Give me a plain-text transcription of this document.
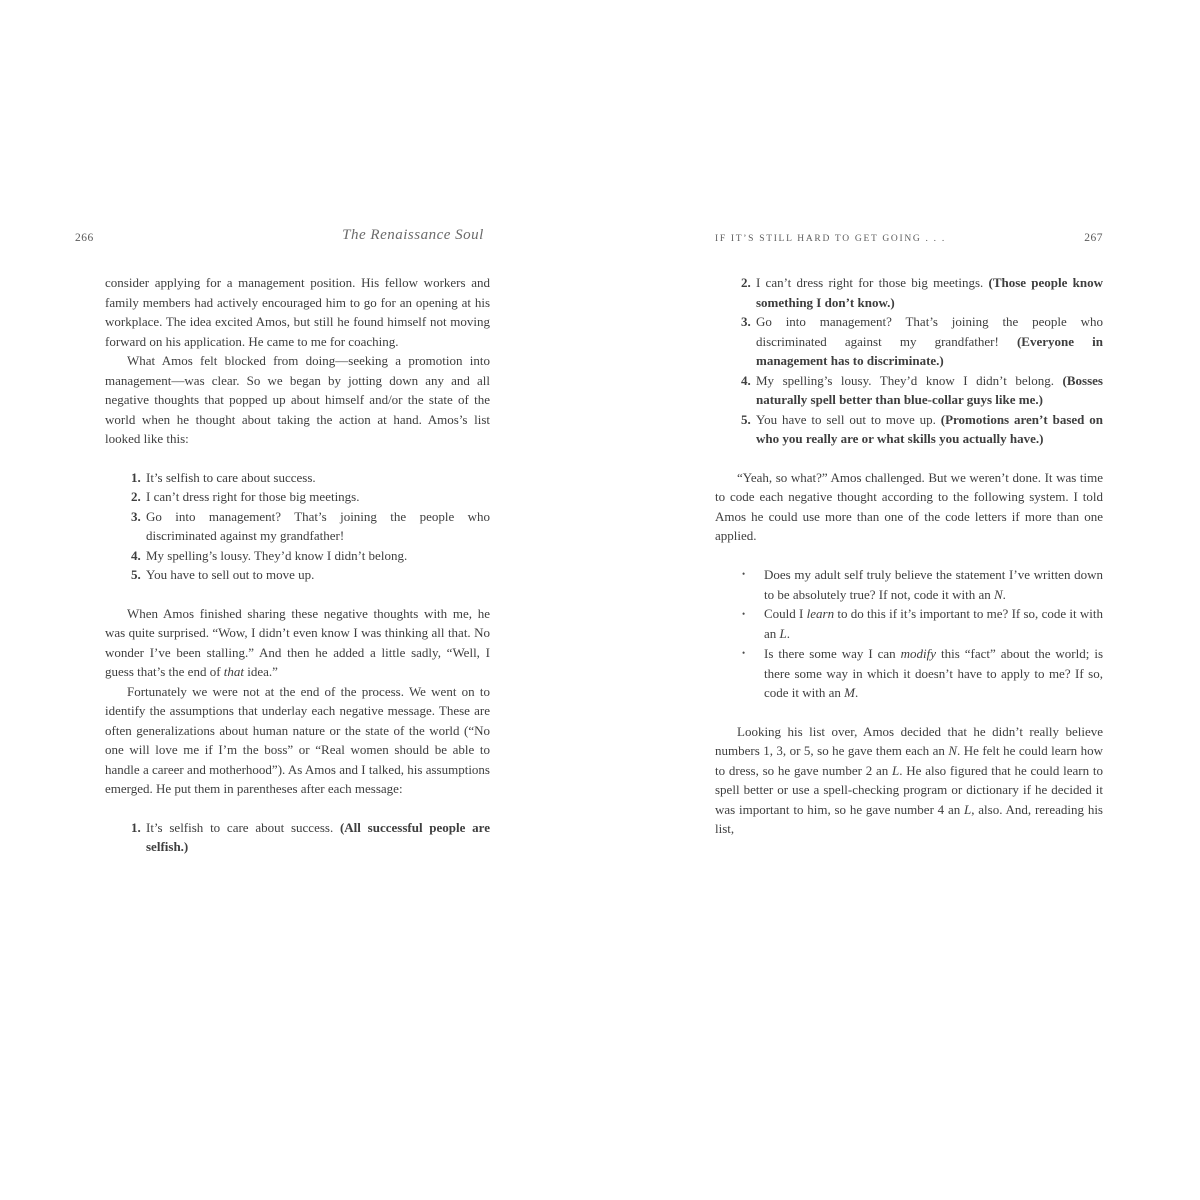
266	The Renaissance Soul

consider applying for a management position. His fellow workers and family members had actively encouraged him to go for an opening at his workplace. The idea excited Amos, but still he found himself not moving forward on his application. He came to me for coaching.

What Amos felt blocked from doing—seeking a promotion into management—was clear. So we began by jotting down any and all negative thoughts that popped up about himself and/or the state of the world when he thought about taking the action at hand. Amos’s list looked like this:

1. It’s selfish to care about success.
2. I can’t dress right for those big meetings.
3. Go into management? That’s joining the people who discriminated against my grandfather!
4. My spelling’s lousy. They’d know I didn’t belong.
5. You have to sell out to move up.

When Amos finished sharing these negative thoughts with me, he was quite surprised. “Wow, I didn’t even know I was thinking all that. No wonder I’ve been stalling.” And then he added a little sadly, “Well, I guess that’s the end of that idea.”

Fortunately we were not at the end of the process. We went on to identify the assumptions that underlay each negative message. These are often generalizations about human nature or the state of the world (“No one will love me if I’m the boss” or “Real women should be able to handle a career and motherhood”). As Amos and I talked, his assumptions emerged. He put them in parentheses after each message:

1. It’s selfish to care about success. (All successful people are selfish.)
IF IT’S STILL HARD TO GET GOING . . .	267
2. I can’t dress right for those big meetings. (Those people know something I don’t know.)
3. Go into management? That’s joining the people who discriminated against my grandfather! (Everyone in management has to discriminate.)
4. My spelling’s lousy. They’d know I didn’t belong. (Bosses naturally spell better than blue-collar guys like me.)
5. You have to sell out to move up. (Promotions aren’t based on who you really are or what skills you actually have.)

“Yeah, so what?” Amos challenged. But we weren’t done. It was time to code each negative thought according to the following system. I told Amos he could use more than one of the code letters if more than one applied.

• Does my adult self truly believe the statement I’ve written down to be absolutely true? If not, code it with an N.
• Could I learn to do this if it’s important to me? If so, code it with an L.
• Is there some way I can modify this “fact” about the world; is there some way in which it doesn’t have to apply to me? If so, code it with an M.

Looking his list over, Amos decided that he didn’t really believe numbers 1, 3, or 5, so he gave them each an N. He felt he could learn how to dress, so he gave number 2 an L. He also figured that he could learn to spell better or use a spell-checking program or dictionary if he decided it was important to him, so he gave number 4 an L, also. And, rereading his list,
